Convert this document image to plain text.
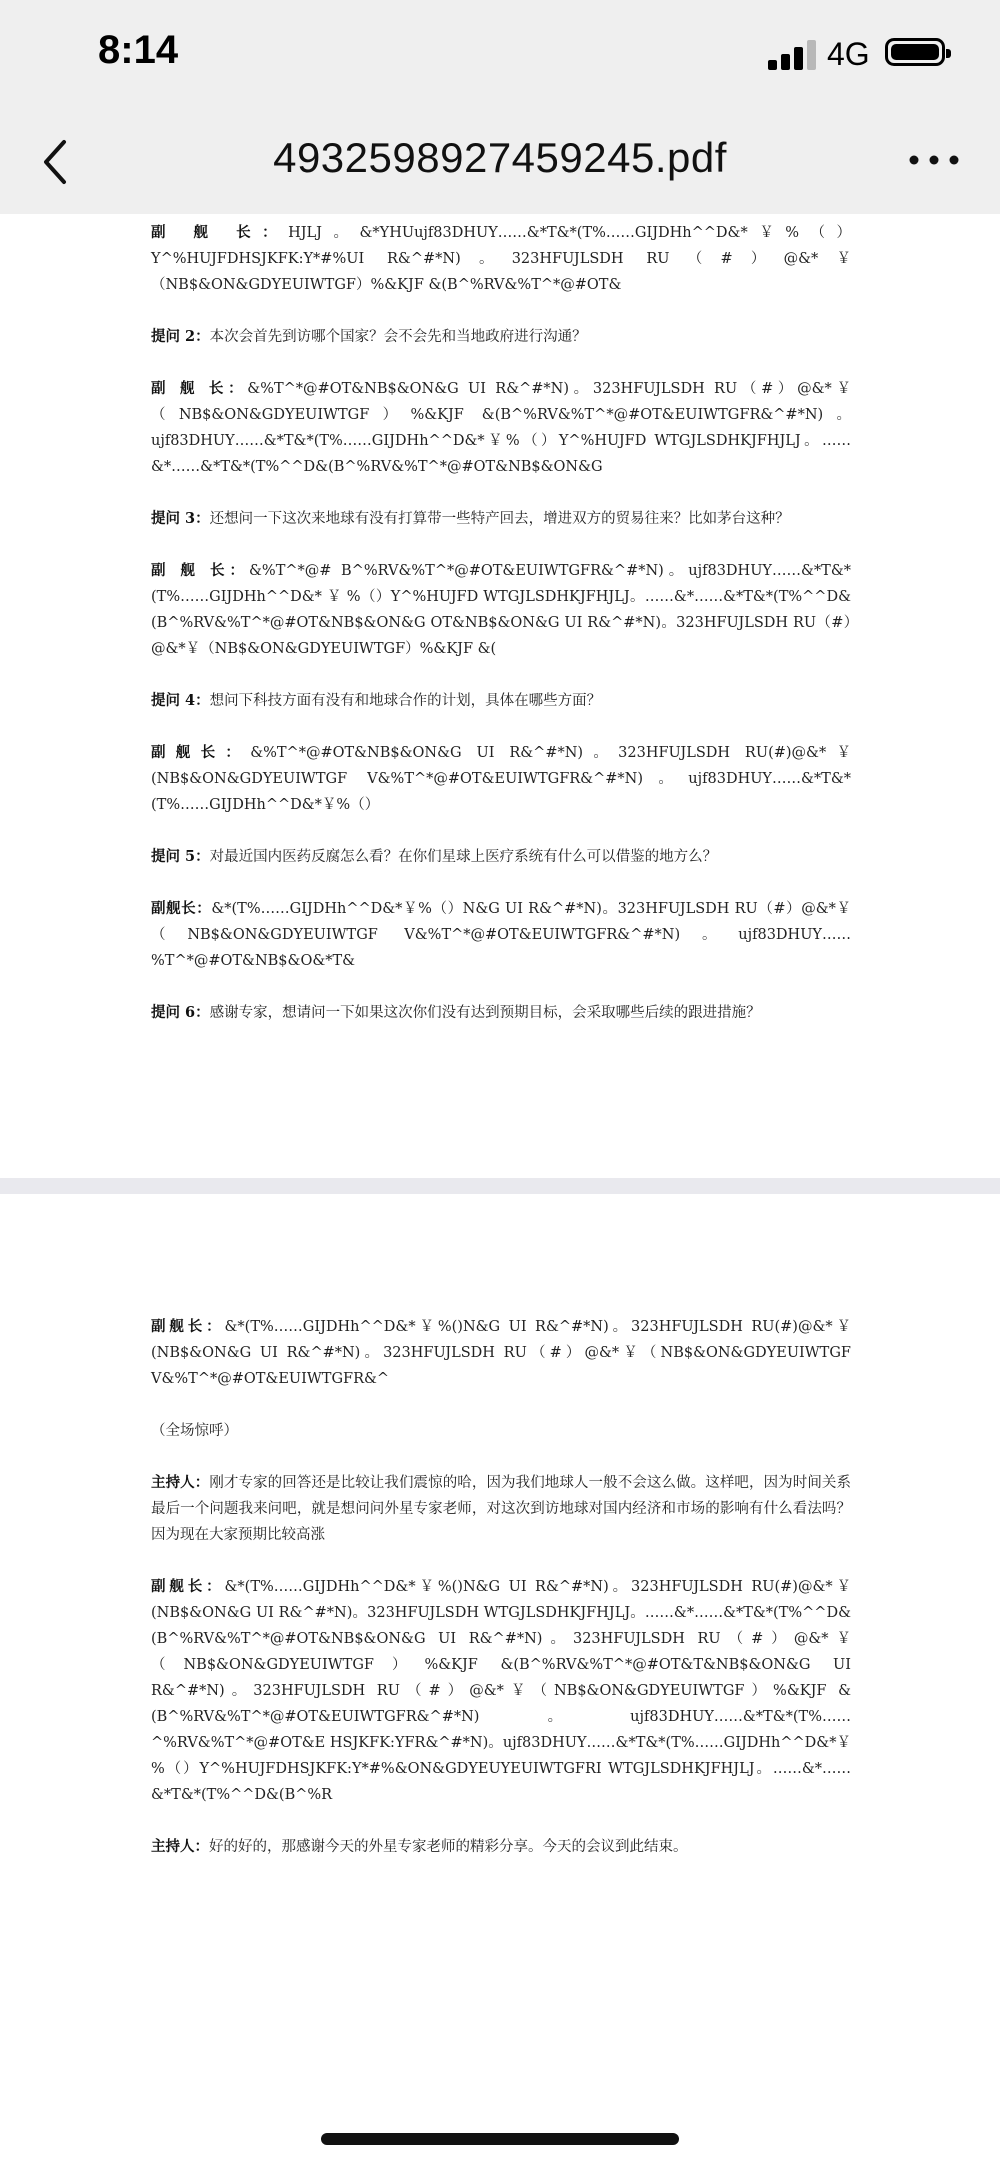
8:14	4G
4932598927459245.pdf

副 舰 长：HJLJ。&*YHUujf83DHUY……&*T&*(T%……GIJDHh^^D&*￥%（）Y^%HUJFDHSJKFK:Y*#%UI R&^#*N)。323HFUJLSDH RU（#）@&*￥（NB$&ON&GDYEUIWTGF）%&KJF &(B^%RV&%T^*@#OT&

提问 2：本次会首先到访哪个国家？会不会先和当地政府进行沟通？

副 舰 长：&%T^*@#OT&NB$&ON&G UI R&^#*N)。323HFUJLSDH RU（#）@&*￥（NB$&ON&GDYEUIWTGF）%&KJF &(B^%RV&%T^*@#OT&EUIWTGFR&^#*N)。ujf83DHUY……&*T&*(T%……GIJDHh^^D&*￥%（）Y^%HUJFD WTGJLSDHKJFHJLJ。……&*……&*T&*(T%^^D&(B^%RV&%T^*@#OT&NB$&ON&G

提问 3：还想问一下这次来地球有没有打算带一些特产回去，增进双方的贸易往来？比如茅台这种？

副 舰 长：&%T^*@# B^%RV&%T^*@#OT&EUIWTGFR&^#*N)。ujf83DHUY……&*T&*(T%……GIJDHh^^D&* ￥ %（）Y^%HUJFD WTGJLSDHKJFHJLJ。……&*……&*T&*(T%^^D&(B^%RV&%T^*@#OT&NB$&ON&G OT&NB$&ON&G UI R&^#*N)。323HFUJLSDH RU（#）@&*￥（NB$&ON&GDYEUIWTGF）%&KJF &(

提问 4：想问下科技方面有没有和地球合作的计划，具体在哪些方面？

副舰长：&%T^*@#OT&NB$&ON&G UI R&^#*N)。323HFUJLSDH RU(#)@&*￥(NB$&ON&GDYEUIWTGF V&%T^*@#OT&EUIWTGFR&^#*N)。ujf83DHUY……&*T&*(T%……GIJDHh^^D&*￥%（）

提问 5：对最近国内医药反腐怎么看？在你们星球上医疗系统有什么可以借鉴的地方么？

副舰长：&*(T%……GIJDHh^^D&*￥%（）N&G UI R&^#*N)。323HFUJLSDH RU（#）@&*￥（NB$&ON&GDYEUIWTGF V&%T^*@#OT&EUIWTGFR&^#*N)。ujf83DHUY……%T^*@#OT&NB$&O&*T&

提问 6：感谢专家，想请问一下如果这次你们没有达到预期目标，会采取哪些后续的跟进措施？

副舰长：&*(T%……GIJDHh^^D&*￥%()N&G UI R&^#*N)。323HFUJLSDH RU(#)@&*￥(NB$&ON&G UI R&^#*N)。323HFUJLSDH RU（#）@&*￥（NB$&ON&GDYEUIWTGF V&%T^*@#OT&EUIWTGFR&^

（全场惊呼）

主持人：刚才专家的回答还是比较让我们震惊的哈，因为我们地球人一般不会这么做。这样吧，因为时间关系最后一个问题我来问吧，就是想问问外星专家老师，对这次到访地球对国内经济和市场的影响有什么看法吗？因为现在大家预期比较高涨

副舰长：&*(T%……GIJDHh^^D&*￥%()N&G UI R&^#*N)。323HFUJLSDH RU(#)@&*￥(NB$&ON&G UI R&^#*N)。323HFUJLSDH WTGJLSDHKJFHJLJ。……&*……&*T&*(T%^^D&(B^%RV&%T^*@#OT&NB$&ON&G UI R&^#*N)。323HFUJLSDH RU（#）@&*￥（NB$&ON&GDYEUIWTGF）%&KJF &(B^%RV&%T^*@#OT&T&NB$&ON&G UI R&^#*N)。323HFUJLSDH RU（#）@&*￥（NB$&ON&GDYEUIWTGF）%&KJF &(B^%RV&%T^*@#OT&EUIWTGFR&^#*N)。ujf83DHUY……&*T&*(T%……^%RV&%T^*@#OT&E HSJKFK:YFR&^#*N)。ujf83DHUY……&*T&*(T%……GIJDHh^^D&*￥%（）Y^%HUJFDHSJKFK:Y*#%&ON&GDYEUYEUIWTGFRI WTGJLSDHKJFHJLJ。……&*……&*T&*(T%^^D&(B^%R

主持人：好的好的，那感谢今天的外星专家老师的精彩分享。今天的会议到此结束。
